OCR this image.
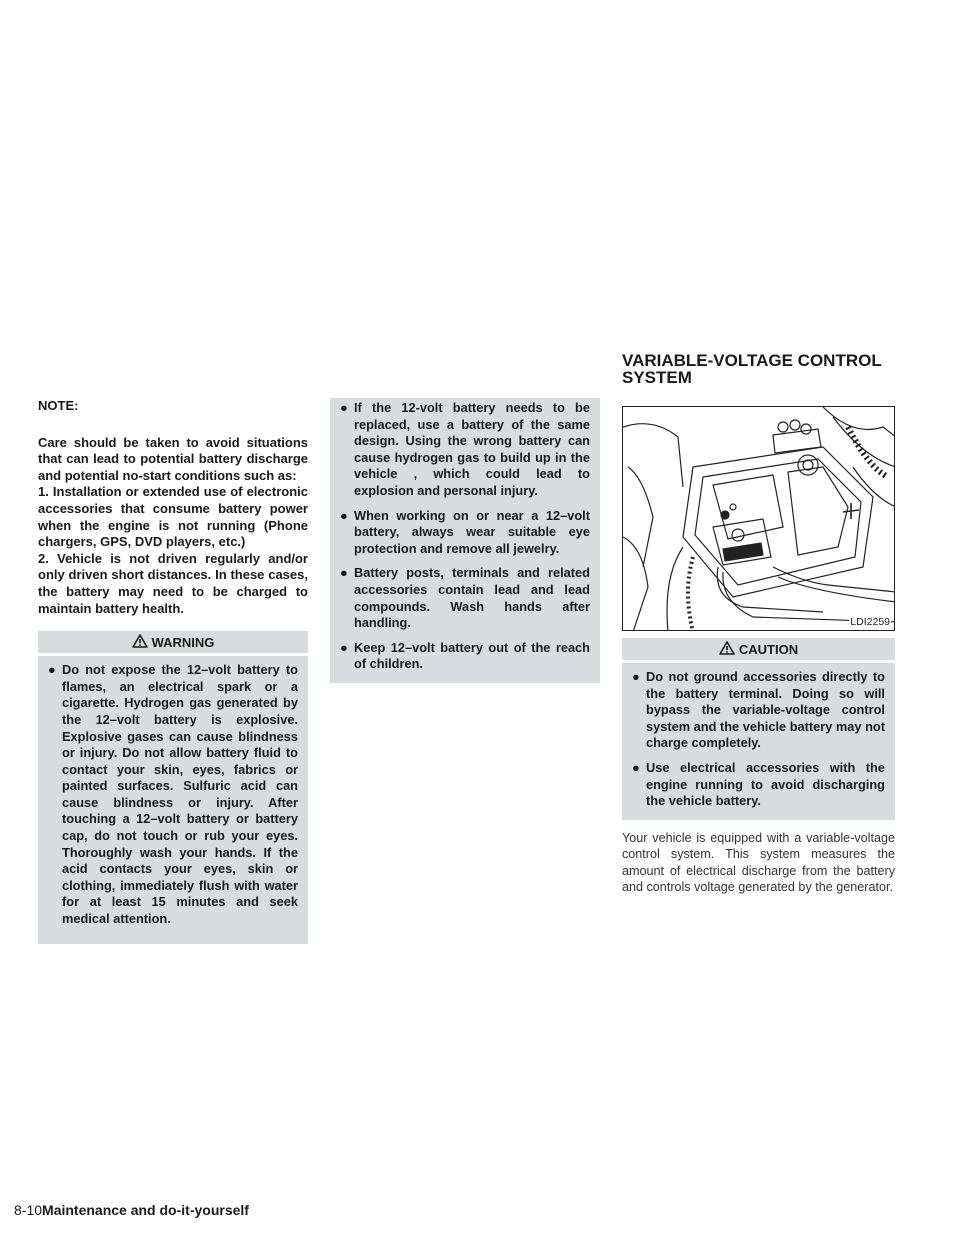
NOTE:

Care should be taken to avoid situations that can lead to potential battery discharge and potential no-start conditions such as:

1. Installation or extended use of electronic accessories that consume battery power when the engine is not running (Phone chargers, GPS, DVD players, etc.)

2. Vehicle is not driven regularly and/or only driven short distances. In these cases, the battery may need to be charged to maintain battery health.

WARNING
● Do not expose the 12–volt battery to flames, an electrical spark or a cigarette. Hydrogen gas generated by the 12–volt battery is explosive. Explosive gases can cause blindness or injury. Do not allow battery fluid to contact your skin, eyes, fabrics or painted surfaces. Sulfuric acid can cause blindness or injury. After touching a 12–volt battery or battery cap, do not touch or rub your eyes. Thoroughly wash your hands. If the acid contacts your eyes, skin or clothing, immediately flush with water for at least 15 minutes and seek medical attention.
● If the 12-volt battery needs to be replaced, use a battery of the same design. Using the wrong battery can cause hydrogen gas to build up in the vehicle , which could lead to explosion and personal injury.
● When working on or near a 12–volt battery, always wear suitable eye protection and remove all jewelry.
● Battery posts, terminals and related accessories contain lead and lead compounds. Wash hands after handling.
● Keep 12–volt battery out of the reach of children.
VARIABLE-VOLTAGE CONTROL
SYSTEM
LDI2259
CAUTION
● Do not ground accessories directly to the battery terminal. Doing so will bypass the variable-voltage control system and the vehicle battery may not charge completely.
● Use electrical accessories with the engine running to avoid discharging the vehicle battery.
Your vehicle is equipped with a variable-voltage control system. This system measures the amount of electrical discharge from the battery and controls voltage generated by the generator.
8-10Maintenance and do-it-yourself
